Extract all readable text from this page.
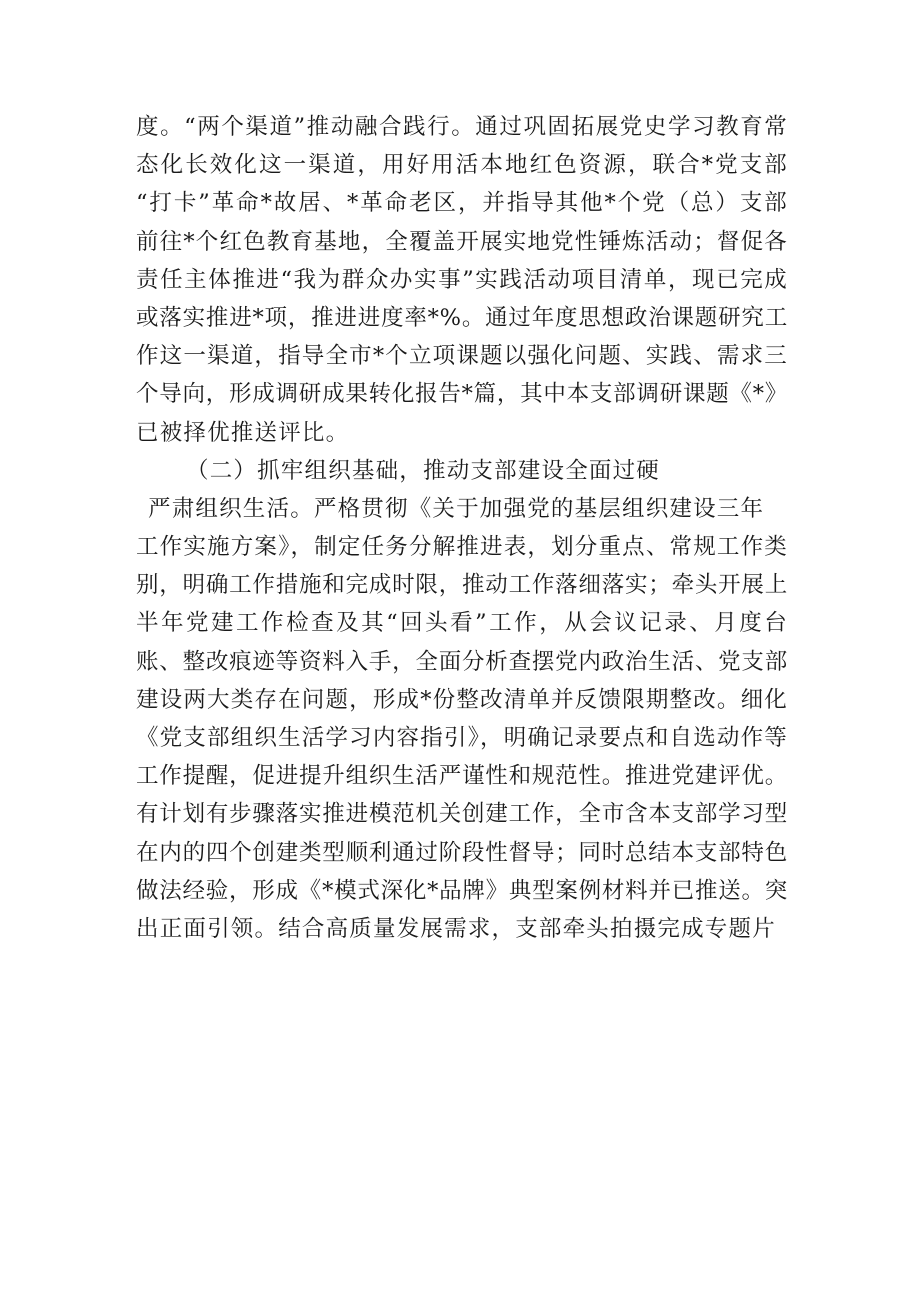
度。“两个渠道”推动融合践行。通过巩固拓展党史学习教育常
态化长效化这一渠道，用好用活本地红色资源，联合*党支部
“打卡”革命*故居、*革命老区，并指导其他*个党（总）支部
前往*个红色教育基地，全覆盖开展实地党性锤炼活动；督促各
责任主体推进“我为群众办实事”实践活动项目清单，现已完成
或落实推进*项，推进进度率*%。通过年度思想政治课题研究工
作这一渠道，指导全市*个立项课题以强化问题、实践、需求三
个导向，形成调研成果转化报告*篇，其中本支部调研课题《*》
已被择优推送评比。
（二）抓牢组织基础，推动支部建设全面过硬
严肃组织生活。严格贯彻《关于加强党的基层组织建设三年
工作实施方案》，制定任务分解推进表，划分重点、常规工作类
别，明确工作措施和完成时限，推动工作落细落实；牵头开展上
半年党建工作检查及其“回头看”工作，从会议记录、月度台
账、整改痕迹等资料入手，全面分析查摆党内政治生活、党支部
建设两大类存在问题，形成*份整改清单并反馈限期整改。细化
《党支部组织生活学习内容指引》，明确记录要点和自选动作等
工作提醒，促进提升组织生活严谨性和规范性。推进党建评优。
有计划有步骤落实推进模范机关创建工作，全市含本支部学习型
在内的四个创建类型顺利通过阶段性督导；同时总结本支部特色
做法经验，形成《*模式深化*品牌》典型案例材料并已推送。突
出正面引领。结合高质量发展需求，支部牵头拍摄完成专题片
